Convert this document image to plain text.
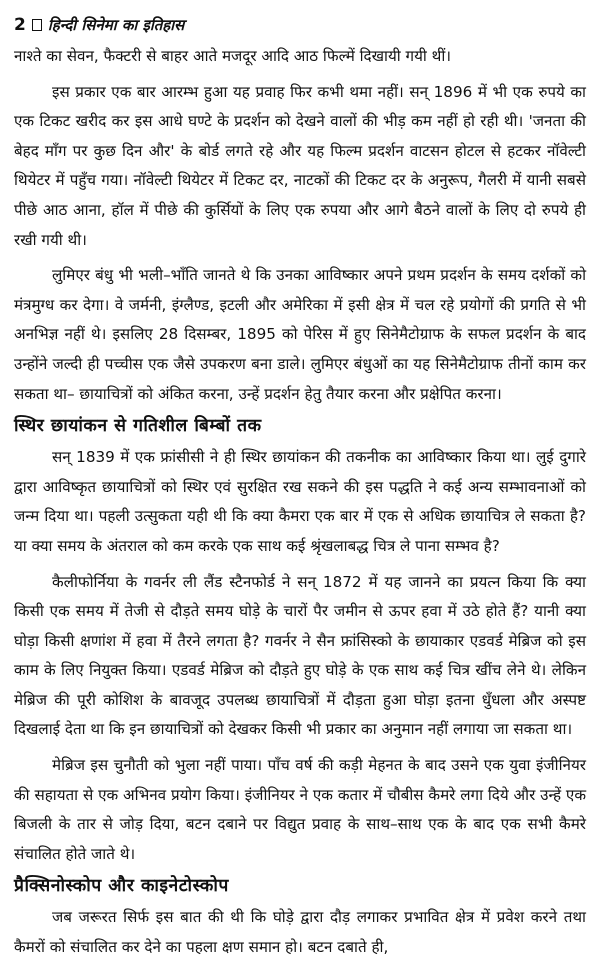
2 हिन्दी सिनेमा का इतिहास

नाश्ते का सेवन, फैक्टरी से बाहर आते मजदूर आदि आठ फिल्में दिखायी गयी थीं।

इस प्रकार एक बार आरम्भ हुआ यह प्रवाह फिर कभी थमा नहीं। सन् 1896 में भी एक रुपये का एक टिकट खरीद कर इस आधे घण्टे के प्रदर्शन को देखने वालों की भीड़ कम नहीं हो रही थी। 'जनता की बेहद माँग पर कुछ दिन और' के बोर्ड लगते रहे और यह फिल्म प्रदर्शन वाटसन होटल से हटकर नॉवेल्टी थियेटर में पहुँच गया। नॉवेल्टी थियेटर में टिकट दर, नाटकों की टिकट दर के अनुरूप, गैलरी में यानी सबसे पीछे आठ आना, हॉल में पीछे की कुर्सियों के लिए एक रुपया और आगे बैठने वालों के लिए दो रुपये ही रखी गयी थी।

लुमिएर बंधु भी भली–भाँति जानते थे कि उनका आविष्कार अपने प्रथम प्रदर्शन के समय दर्शकों को मंत्रमुग्ध कर देगा। वे जर्मनी, इंग्लैण्ड, इटली और अमेरिका में इसी क्षेत्र में चल रहे प्रयोगों की प्रगति से भी अनभिज्ञ नहीं थे। इसलिए 28 दिसम्बर, 1895 को पेरिस में हुए सिनेमैटोग्राफ के सफल प्रदर्शन के बाद उन्होंने जल्दी ही पच्चीस एक जैसे उपकरण बना डाले। लुमिएर बंधुओं का यह सिनेमैटोग्राफ तीनों काम कर सकता था– छायाचित्रों को अंकित करना, उन्हें प्रदर्शन हेतु तैयार करना और प्रक्षेपित करना।

स्थिर छायांकन से गतिशील बिम्बों तक

सन् 1839 में एक फ्रांसीसी ने ही स्थिर छायांकन की तकनीक का आविष्कार किया था। लुई दुगारे द्वारा आविष्कृत छायाचित्रों को स्थिर एवं सुरक्षित रख सकने की इस पद्धति ने कई अन्य सम्भावनाओं को जन्म दिया था। पहली उत्सुकता यही थी कि क्या कैमरा एक बार में एक से अधिक छायाचित्र ले सकता है? या क्या समय के अंतराल को कम करके एक साथ कई श्रृंखलाबद्ध चित्र ले पाना सम्भव है?

कैलीफोर्निया के गवर्नर ली लैंड स्टैनफोर्ड ने सन् 1872 में यह जानने का प्रयत्न किया कि क्या किसी एक समय में तेजी से दौड़ते समय घोड़े के चारों पैर जमीन से ऊपर हवा में उठे होते हैं? यानी क्या घोड़ा किसी क्षणांश में हवा में तैरने लगता है? गवर्नर ने सैन फ्रांसिस्को के छायाकार एडवर्ड मेब्रिज को इस काम के लिए नियुक्त किया। एडवर्ड मेब्रिज को दौड़ते हुए घोड़े के एक साथ कई चित्र खींच लेने थे। लेकिन मेब्रिज की पूरी कोशिश के बावजूद उपलब्ध छायाचित्रों में दौड़ता हुआ घोड़ा इतना धुँधला और अस्पष्ट दिखलाई देता था कि इन छायाचित्रों को देखकर किसी भी प्रकार का अनुमान नहीं लगाया जा सकता था।

मेब्रिज इस चुनौती को भुला नहीं पाया। पाँच वर्ष की कड़ी मेहनत के बाद उसने एक युवा इंजीनियर की सहायता से एक अभिनव प्रयोग किया। इंजीनियर ने एक कतार में चौबीस कैमरे लगा दिये और उन्हें एक बिजली के तार से जोड़ दिया, बटन दबाने पर विद्युत प्रवाह के साथ–साथ एक के बाद एक सभी कैमरे संचालित होते जाते थे।

प्रैक्सिनोस्कोप और काइनेटोस्कोप

जब जरूरत सिर्फ इस बात की थी कि घोड़े द्वारा दौड़ लगाकर प्रभावित क्षेत्र में प्रवेश करने तथा कैमरों को संचालित कर देने का पहला क्षण समान हो। बटन दबाते ही,
